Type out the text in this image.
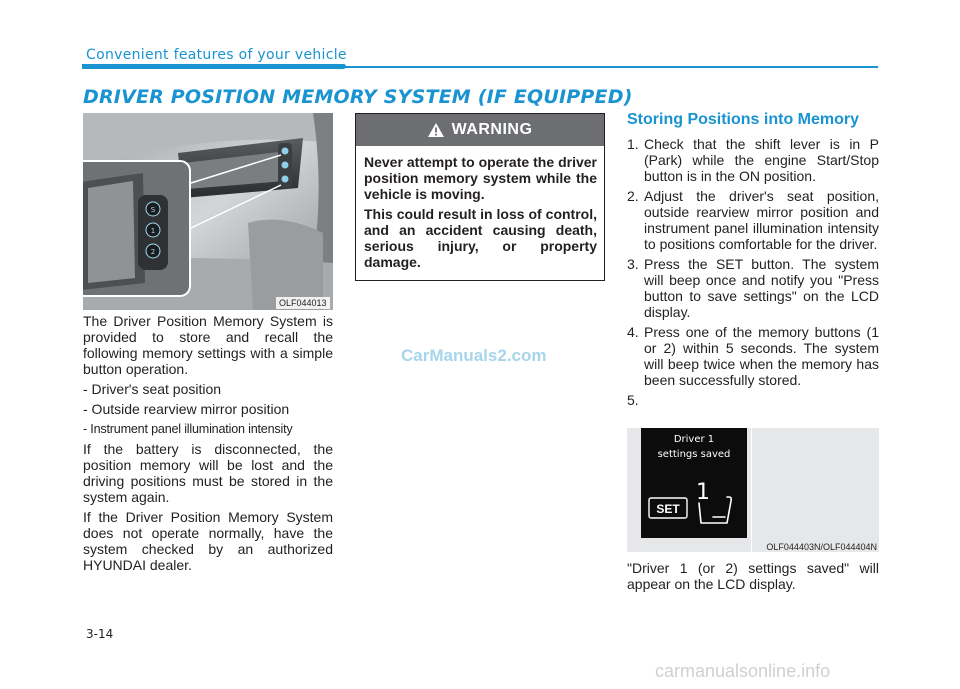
Convenient features of your vehicle
DRIVER POSITION MEMORY SYSTEM (IF EQUIPPED)
S
1
2
OLF044013

The Driver Position Memory System is provided to store and recall the following memory settings with a simple button operation.

- Driver's seat position

- Outside rearview mirror position

- Instrument panel illumination intensity

If the battery is disconnected, the position memory will be lost and the driving positions must be stored in the system again.

If the Driver Position Memory System does not operate normally, have the system checked by an authorized HYUNDAI dealer.

WARNING

Never attempt to operate the driver position memory system while the vehicle is moving.

This could result in loss of control, and an accident causing death, serious injury, or property damage.

CarManuals2.com
Storing Positions into Memory
1. Check that the shift lever is in P (Park) while the engine Start/Stop button is in the ON position.
2. Adjust the driver's seat position, outside rearview mirror position and instrument panel illumination intensity to positions comfortable for the driver.
3. Press the SET button. The system will beep once and notify you "Press button to save settings" on the LCD display.
4. Press one of the memory buttons (1 or 2) within 5 seconds. The system will beep twice when the memory has been successfully stored.
5.
Driver 1
settings saved
SET
1
OLF044403N/OLF044404N

"Driver 1 (or 2) settings saved" will appear on the LCD display.

3-14
carmanualsonline.info
